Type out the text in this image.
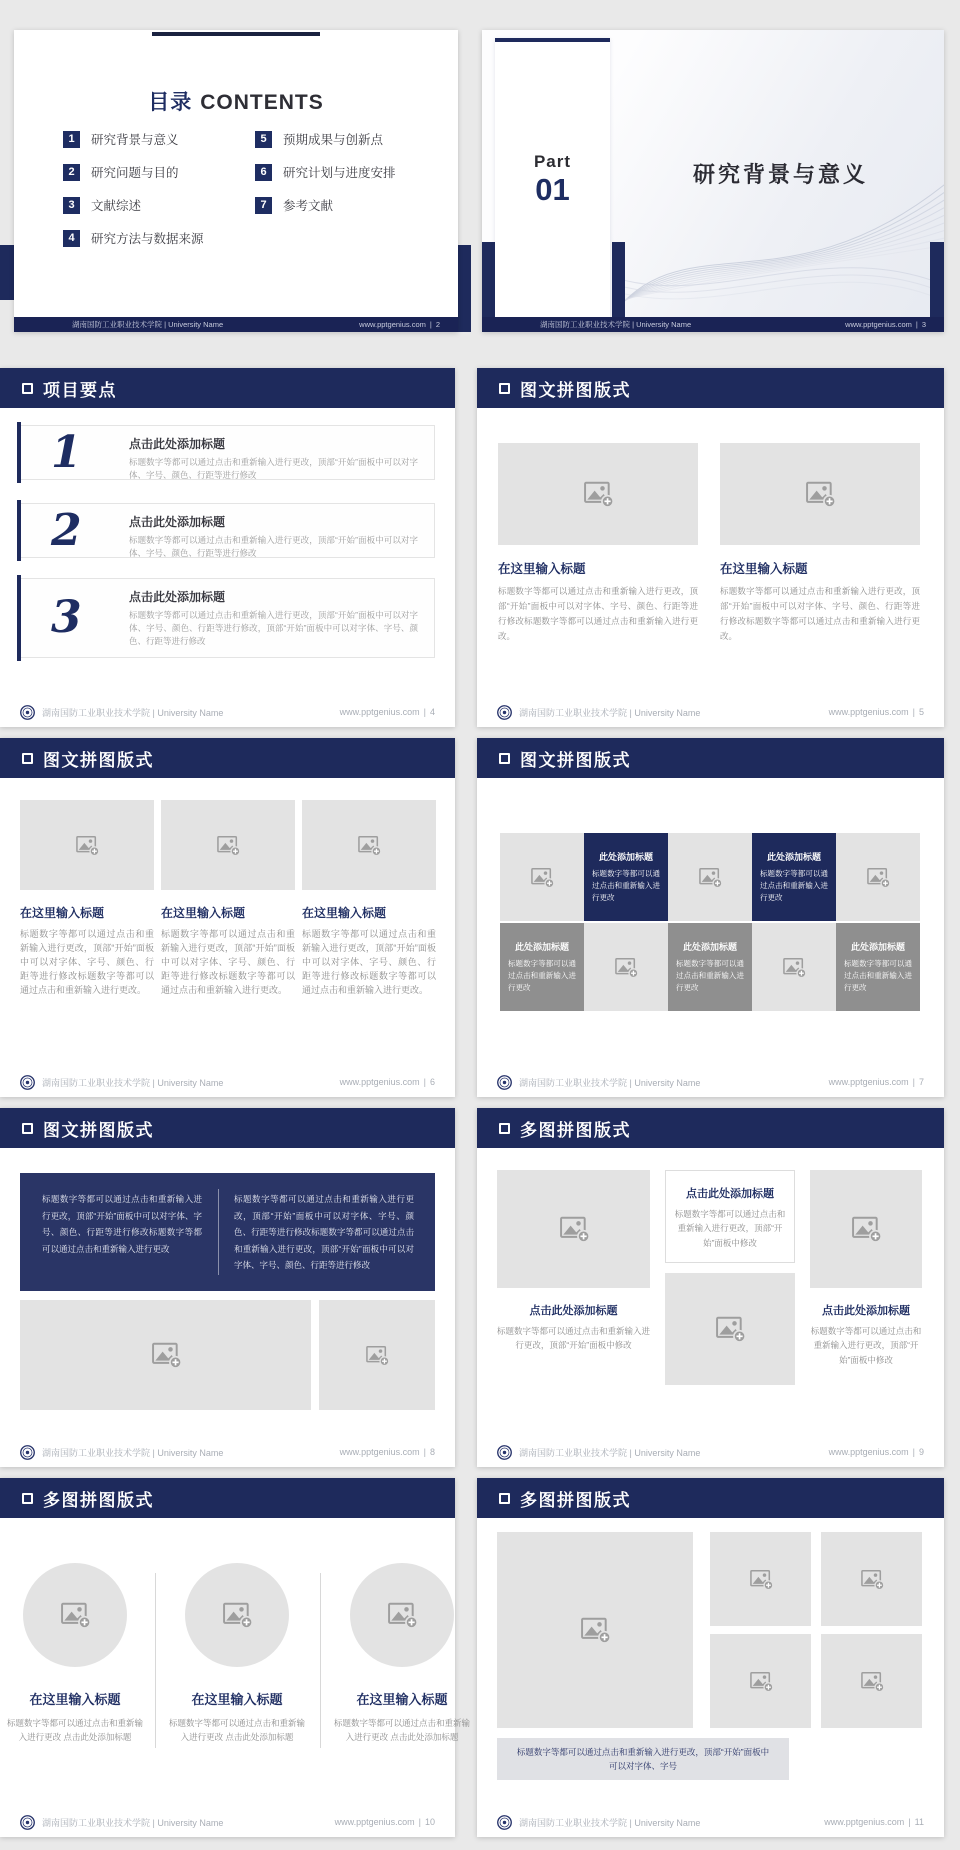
目录 CONTENTS
1	研究背景与意义
2	研究问题与目的
3	文献综述
4	研究方法与数据来源
5	预期成果与创新点
6	研究计划与进度安排
7	参考文献
湖南国防工业职业技术学院 | University Name	www.pptgenius.com | 2
Part
01	研究背景与意义
湖南国防工业职业技术学院 | University Name	www.pptgenius.com | 3
项目要点
1	点击此处添加标题
标题数字等都可以通过点击和重新输入进行更改，顶部“开始”面板中可以对字体、字号、颜色、行距等进行修改
2	点击此处添加标题
标题数字等都可以通过点击和重新输入进行更改，顶部“开始”面板中可以对字体、字号、颜色、行距等进行修改
3	点击此处添加标题
标题数字等都可以通过点击和重新输入进行更改，顶部“开始”面板中可以对字体、字号、颜色、行距等进行修改，顶部“开始”面板中可以对字体、字号、颜色、行距等进行修改
湖南国防工业职业技术学院 | University Name	www.pptgenius.com | 4
图文拼图版式
在这里输入标题
标题数字等都可以通过点击和重新输入进行更改，顶部“开始”面板中可以对字体、字号、颜色、行距等进行修改标题数字等都可以通过点击和重新输入进行更改。
在这里输入标题
标题数字等都可以通过点击和重新输入进行更改，顶部“开始”面板中可以对字体、字号、颜色、行距等进行修改标题数字等都可以通过点击和重新输入进行更改。
湖南国防工业职业技术学院 | University Name	www.pptgenius.com | 5
图文拼图版式
在这里输入标题
标题数字等都可以通过点击和重新输入进行更改，顶部“开始”面板中可以对字体、字号、颜色、行距等进行修改标题数字等都可以通过点击和重新输入进行更改。
在这里输入标题
标题数字等都可以通过点击和重新输入进行更改，顶部“开始”面板中可以对字体、字号、颜色、行距等进行修改标题数字等都可以通过点击和重新输入进行更改。
在这里输入标题
标题数字等都可以通过点击和重新输入进行更改，顶部“开始”面板中可以对字体、字号、颜色、行距等进行修改标题数字等都可以通过点击和重新输入进行更改。
湖南国防工业职业技术学院 | University Name	www.pptgenius.com | 6
图文拼图版式
此处添加标题
标题数字等都可以通过点击和重新输入进行更改
此处添加标题
标题数字等都可以通过点击和重新输入进行更改
此处添加标题
标题数字等都可以通过点击和重新输入进行更改
此处添加标题
标题数字等都可以通过点击和重新输入进行更改
此处添加标题
标题数字等都可以通过点击和重新输入进行更改
湖南国防工业职业技术学院 | University Name	www.pptgenius.com | 7
图文拼图版式
标题数字等都可以通过点击和重新输入进行更改，顶部“开始”面板中可以对字体、字号、颜色、行距等进行修改标题数字等都可以通过点击和重新输入进行更改
标题数字等都可以通过点击和重新输入进行更改，顶部“开始”面板中可以对字体、字号、颜色、行距等进行修改标题数字等都可以通过点击和重新输入进行更改，顶部“开始”面板中可以对字体、字号、颜色、行距等进行修改
湖南国防工业职业技术学院 | University Name	www.pptgenius.com | 8
多图拼图版式
点击此处添加标题
标题数字等都可以通过点击和重新输入进行更改，顶部“开始”面板中修改
点击此处添加标题
标题数字等都可以通过点击和重新输入进行更改，顶部“开始”面板中修改
点击此处添加标题
标题数字等都可以通过点击和重新输入进行更改，顶部“开始”面板中修改
湖南国防工业职业技术学院 | University Name	www.pptgenius.com | 9
多图拼图版式
在这里输入标题
标题数字等都可以通过点击和重新输入进行更改 点击此处添加标题
在这里输入标题
标题数字等都可以通过点击和重新输入进行更改 点击此处添加标题
在这里输入标题
标题数字等都可以通过点击和重新输入进行更改 点击此处添加标题
湖南国防工业职业技术学院 | University Name	www.pptgenius.com | 10
多图拼图版式
标题数字等都可以通过点击和重新输入进行更改，顶部“开始”面板中可以对字体、字号
湖南国防工业职业技术学院 | University Name	www.pptgenius.com | 11
